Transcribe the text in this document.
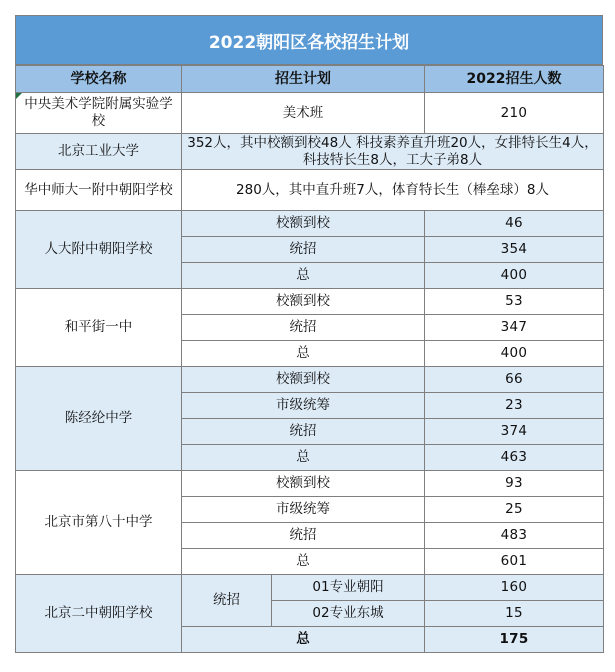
2022朝阳区各校招生计划
学校名称	招生计划		2022招生人数

中央美术学院附属实验学校	美术班		210
北京工业大学	352人，其中校额到校48人 科技素养直升班20人，女排特长生4人，科技特长生8人，工大子弟8人		
华中师大一附中朝阳学校	280人，其中直升班7人，体育特长生（棒垒球）8人		
人大附中朝阳学校	校额到校		46
	统招		354
	总		400
和平街一中	校额到校		53
	统招		347
	总		400
陈经纶中学	校额到校		66
	市级统筹		23
	统招		374
	总		463
北京市第八十中学	校额到校		93
	市级统筹		25
	统招		483
	总		601
北京二中朝阳学校	统招	01专业朝阳	160
		02专业东城	15
	总		175
